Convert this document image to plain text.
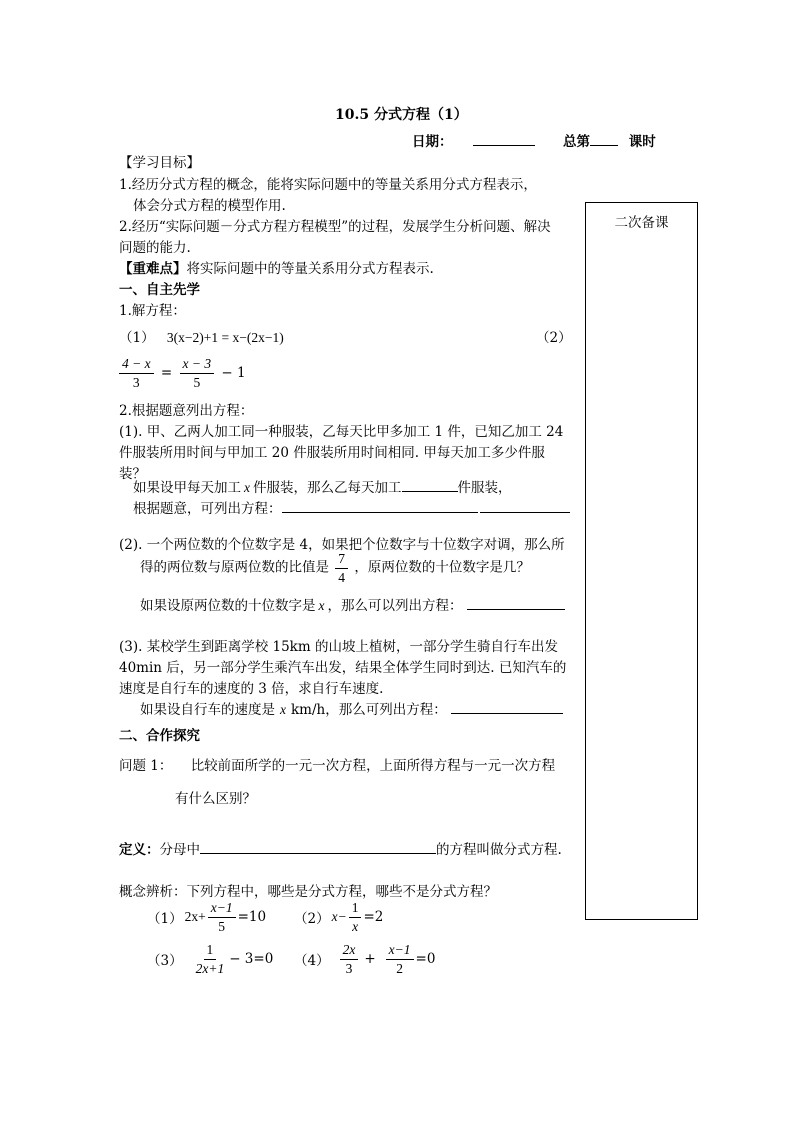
10.5 分式方程（1）
日期：	总第	课时
二次备课
【学习目标】
1.经历分式方程的概念，能将实际问题中的等量关系用分式方程表示，
体会分式方程的模型作用.
2.经历“实际问题－分式方程方程模型”的过程，发展学生分析问题、解决
问题的能力.
【重难点】将实际问题中的等量关系用分式方程表示.
一、自主先学
1.解方程：
（1） 3(x−2)+1 = x−(2x−1)	（2）
$\frac{4 - x}{3} = \frac{x - 3}{5} - 1$
2.根据题意列出方程：
(1). 甲、乙两人加工同一种服装，乙每天比甲多加工 1 件，已知乙加工 24
件服装所用时间与甲加工 20 件服装所用时间相同. 甲每天加工多少件服
装？
如果设甲每天加工 x 件服装，那么乙每天加工	件服装，
根据题意，可列出方程：
(2). 一个两位数的个位数字是 4，如果把个位数字与十位数字对调，那么所
得的两位数与原两位数的比值是 $\frac{7}{4}$ ，原两位数的十位数字是几？
如果设原两位数的十位数字是 x ，那么可以列出方程：
(3). 某校学生到距离学校 15km 的山坡上植树，一部分学生骑自行车出发
40min 后，另一部分学生乘汽车出发，结果全体学生同时到达. 已知汽车的
速度是自行车的速度的 3 倍，求自行车速度.
如果设自行车的速度是 x km/h，那么可列出方程：
二、合作探究
问题 1： 比较前面所学的一元一次方程，上面所得方程与一元一次方程
有什么区别？
定义：分母中	的方程叫做分式方程.
概念辨析：下列方程中，哪些是分式方程，哪些不是分式方程？
（1） $2x+ \frac{x-1}{5} =10$ （2） $x- \frac{1}{x} =2$
$(3) \frac{1}{2x+1} - 3=0$ $(4) \frac{2x}{3} + \frac{x-1}{2} =0$
